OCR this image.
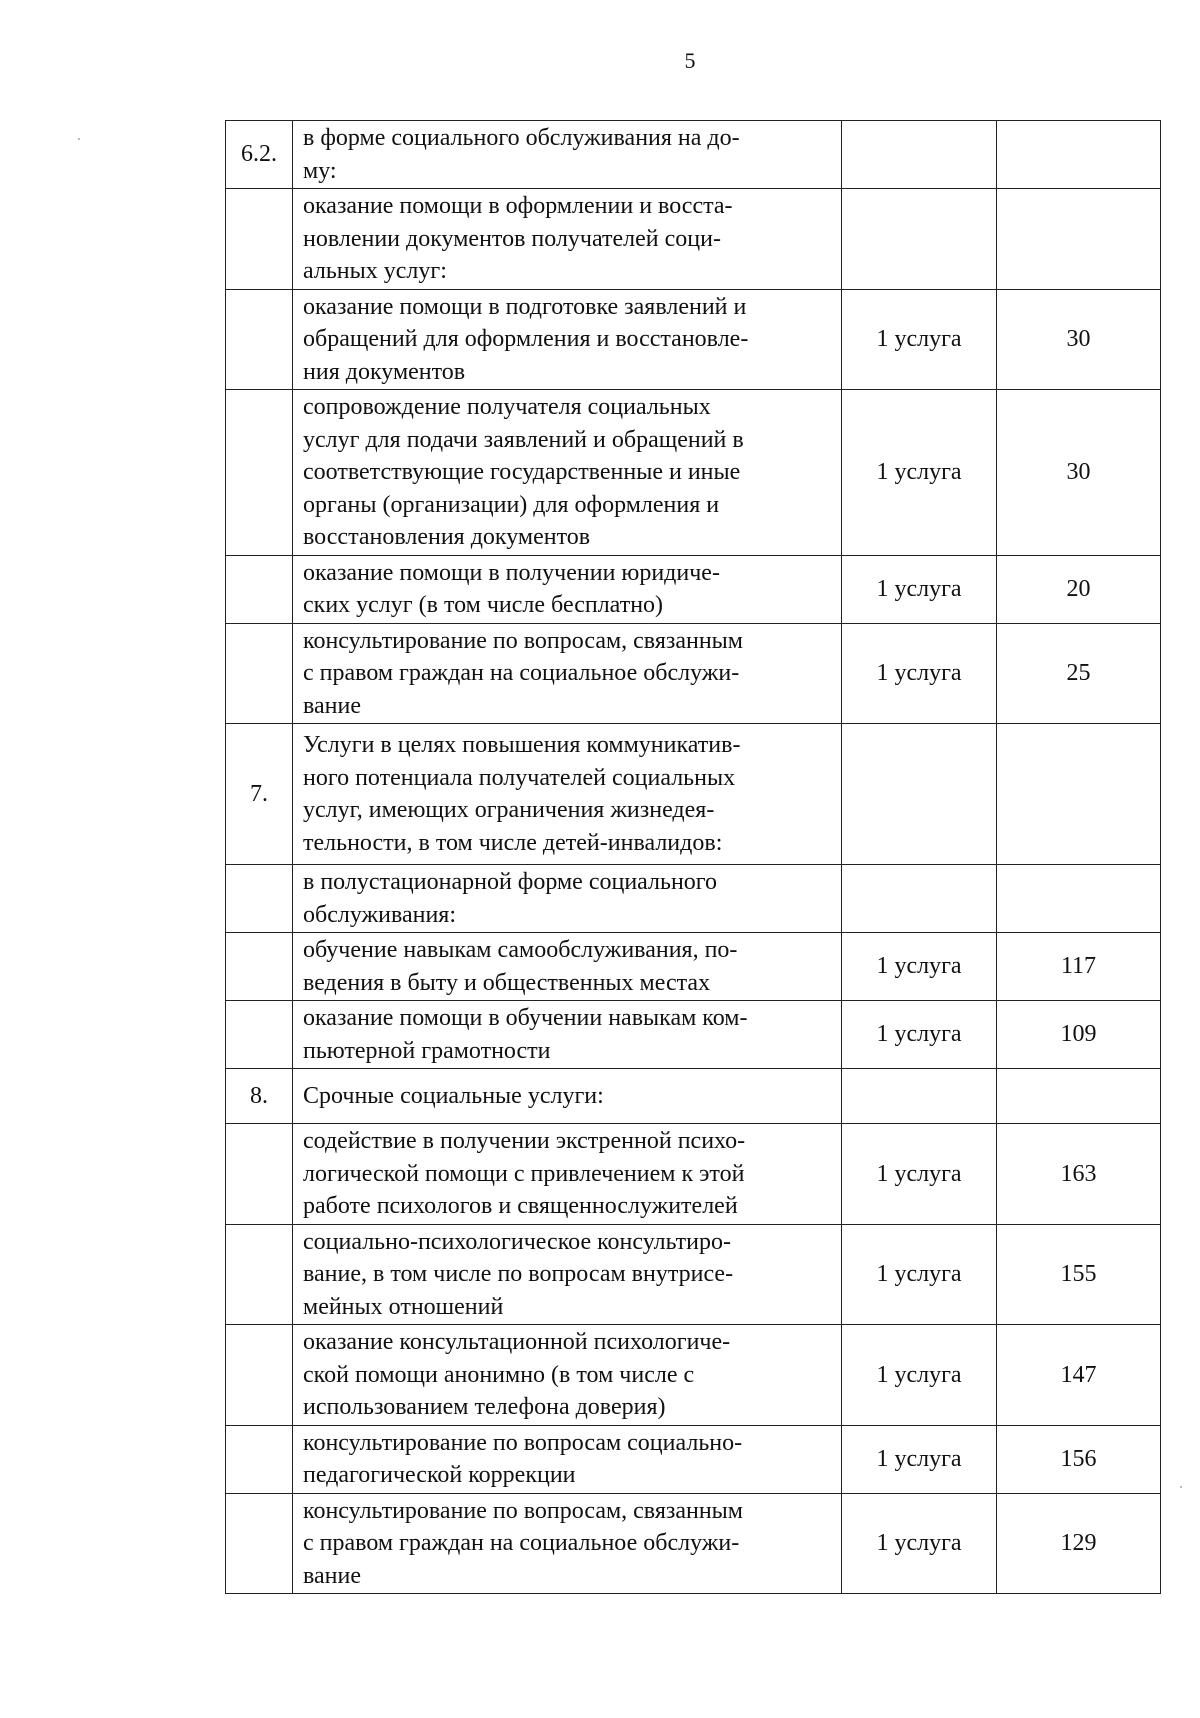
5
6.2.	в форме социального обслуживания на до-
му:		
	оказание помощи в оформлении и восста-
новлении документов получателей соци-
альных услуг:		
	оказание помощи в подготовке заявлений и
обращений для оформления и восстановле-
ния документов	1 услуга	30
	сопровождение получателя социальных
услуг для подачи заявлений и обращений в
соответствующие государственные и иные
органы (организации) для оформления и
восстановления документов	1 услуга	30
	оказание помощи в получении юридиче-
ских услуг (в том числе бесплатно)	1 услуга	20
	консультирование по вопросам, связанным
с правом граждан на социальное обслужи-
вание	1 услуга	25
7.	Услуги в целях повышения коммуникатив-
ного потенциала получателей социальных
услуг, имеющих ограничения жизнедея-
тельности, в том числе детей-инвалидов:		
	в полустационарной форме социального
обслуживания:		
	обучение навыкам самообслуживания, по-
ведения в быту и общественных местах	1 услуга	117
	оказание помощи в обучении навыкам ком-
пьютерной грамотности	1 услуга	109
8.	Срочные социальные услуги:		
	содействие в получении экстренной психо-
логической помощи с привлечением к этой
работе психологов и священнослужителей	1 услуга	163
	социально-психологическое консультиро-
вание, в том числе по вопросам внутрисе-
мейных отношений	1 услуга	155
	оказание консультационной психологиче-
ской помощи анонимно (в том числе с
использованием телефона доверия)	1 услуга	147
	консультирование по вопросам социально-
педагогической коррекции	1 услуга	156
	консультирование по вопросам, связанным
с правом граждан на социальное обслужи-
вание	1 услуга	129
